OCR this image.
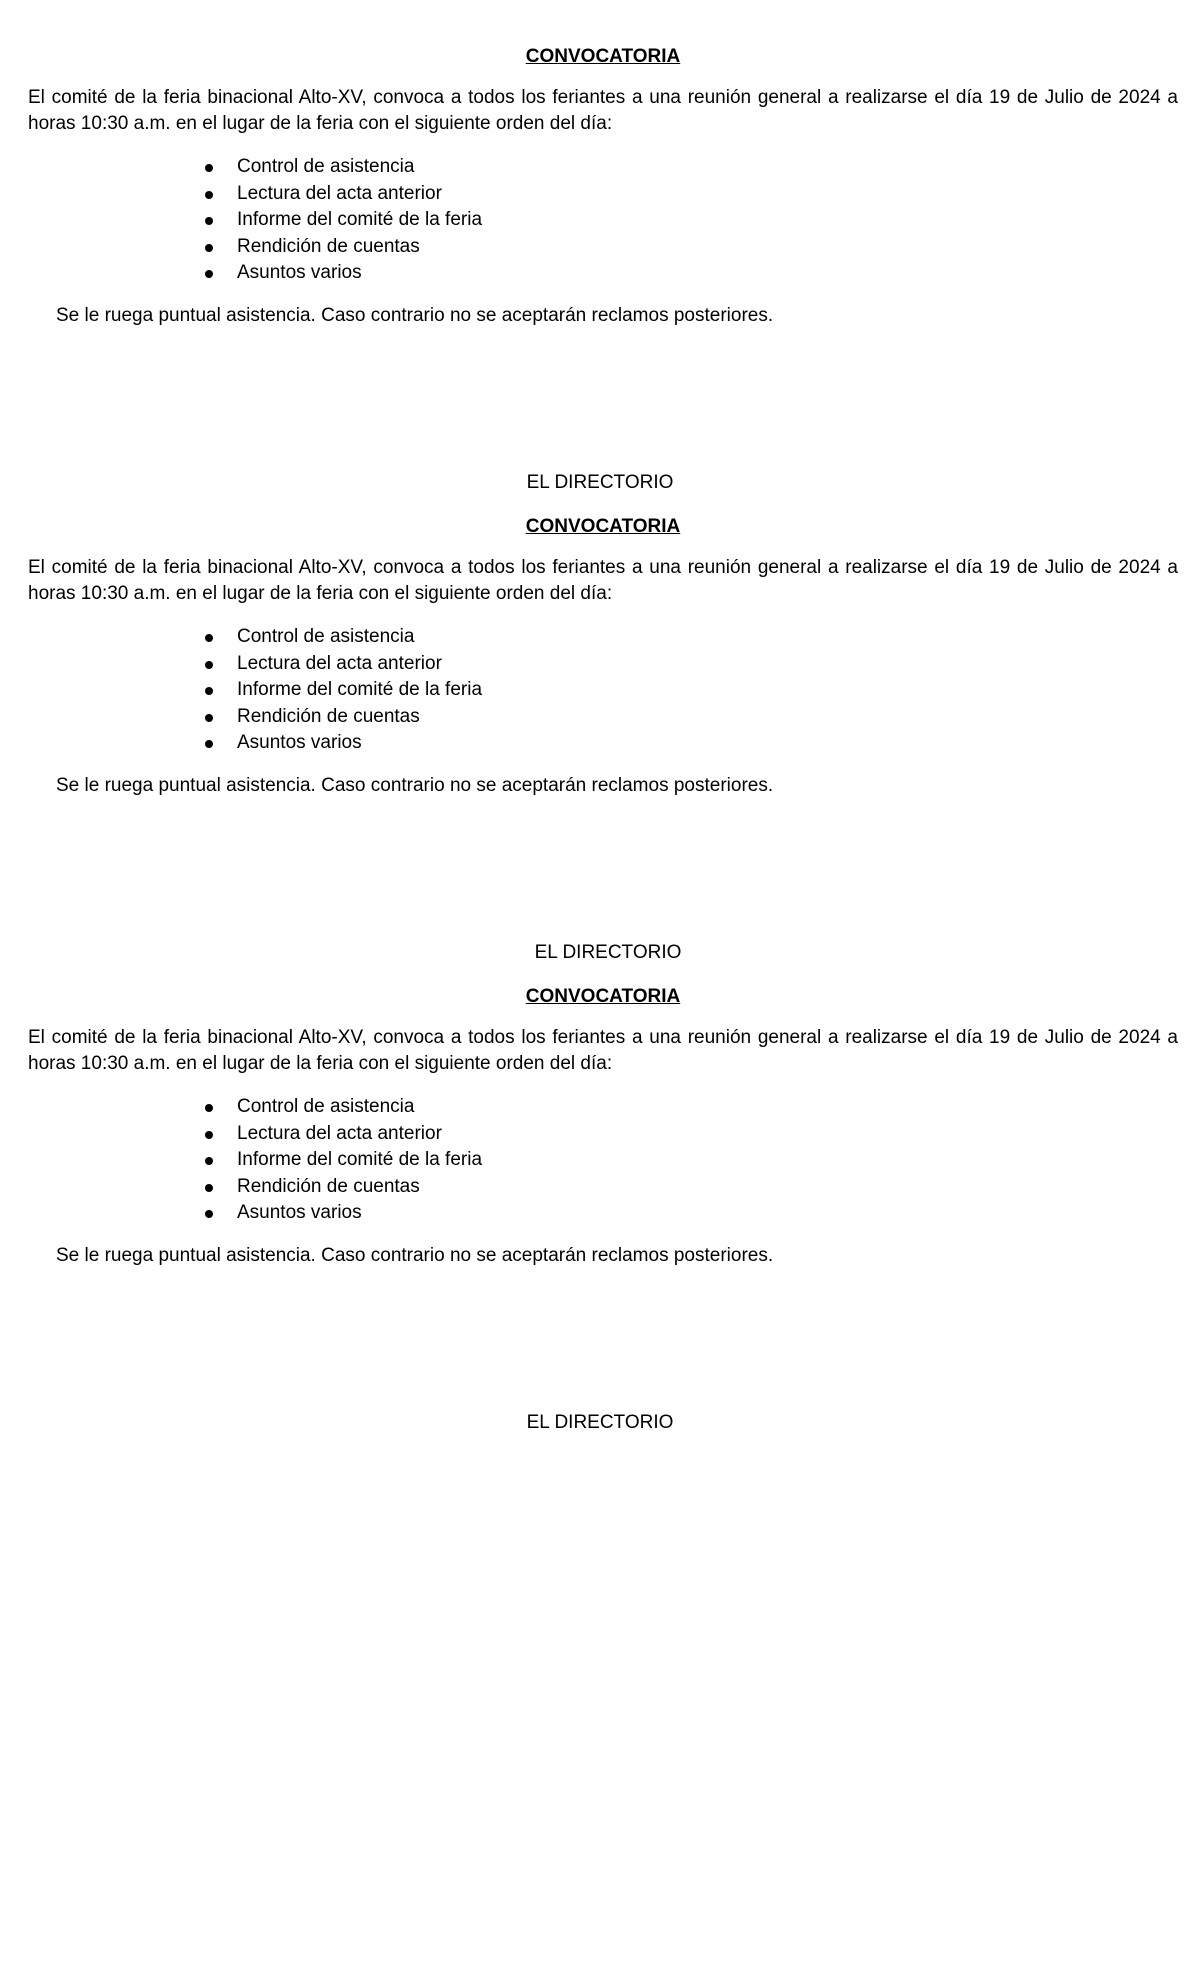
CONVOCATORIA

El comité de la feria binacional Alto-XV, convoca a todos los feriantes a una reunión general a realizarse el día 19 de Julio de 2024 a horas 10:30 a.m. en el lugar de la feria con el siguiente orden del día:

Control de asistencia
Lectura del acta anterior
Informe del comité de la feria
Rendición de cuentas
Asuntos varios

Se le ruega puntual asistencia. Caso contrario no se aceptarán reclamos posteriores.

EL DIRECTORIO
CONVOCATORIA

El comité de la feria binacional Alto-XV, convoca a todos los feriantes a una reunión general a realizarse el día 19 de Julio de 2024 a horas 10:30 a.m. en el lugar de la feria con el siguiente orden del día:

Control de asistencia
Lectura del acta anterior
Informe del comité de la feria
Rendición de cuentas
Asuntos varios

Se le ruega puntual asistencia. Caso contrario no se aceptarán reclamos posteriores.

EL DIRECTORIO
CONVOCATORIA

El comité de la feria binacional Alto-XV, convoca a todos los feriantes a una reunión general a realizarse el día 19 de Julio de 2024 a horas 10:30 a.m. en el lugar de la feria con el siguiente orden del día:

Control de asistencia
Lectura del acta anterior
Informe del comité de la feria
Rendición de cuentas
Asuntos varios

Se le ruega puntual asistencia. Caso contrario no se aceptarán reclamos posteriores.

EL DIRECTORIO
